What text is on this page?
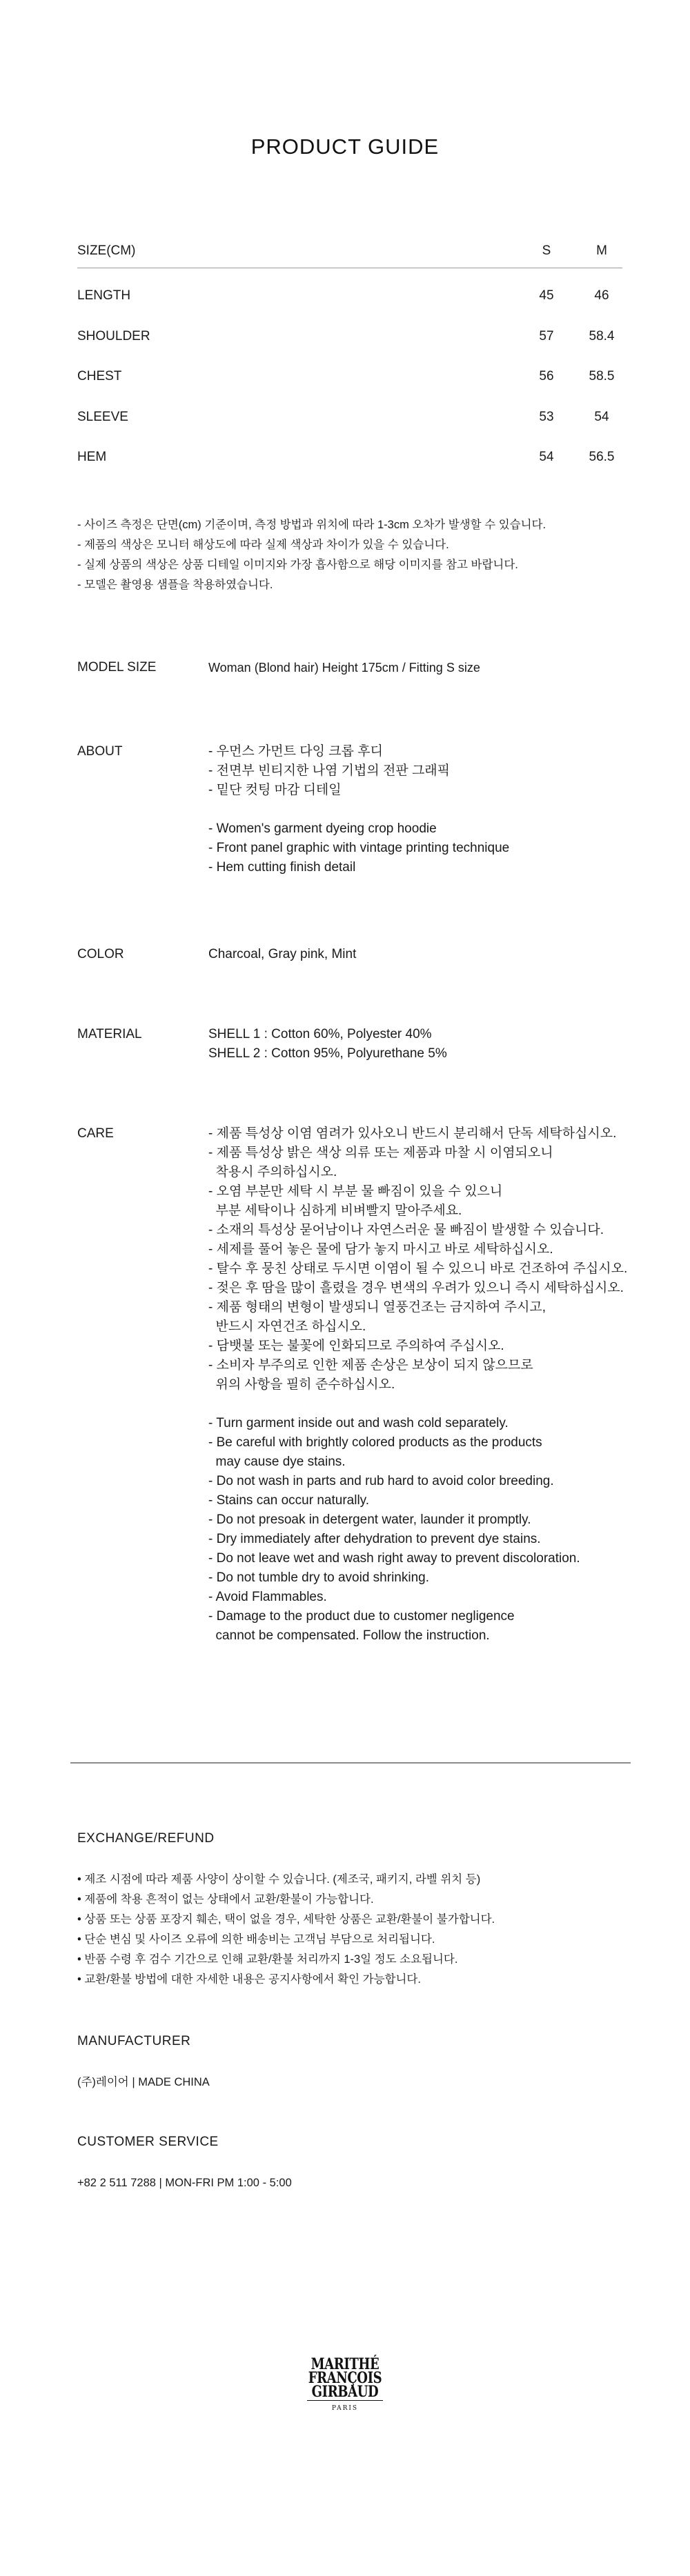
PRODUCT GUIDE
SIZE(CM)	S	M
LENGTH	45	46
SHOULDER	57	58.4
CHEST	56	58.5
SLEEVE	53	54
HEM	54	56.5
- 사이즈 측정은 단면(cm) 기준이며, 측정 방법과 위치에 따라 1-3cm 오차가 발생할 수 있습니다.
- 제품의 색상은 모니터 해상도에 따라 실제 색상과 차이가 있을 수 있습니다.
- 실제 상품의 색상은 상품 디테일 이미지와 가장 흡사함으로 해당 이미지를 참고 바랍니다.
- 모델은 촬영용 샘플을 착용하였습니다.
MODEL SIZE	Woman (Blond hair) Height 175cm / Fitting S size
ABOUT	- 우먼스 가먼트 다잉 크롭 후디
- 전면부 빈티지한 나염 기법의 전판 그래픽
- 밑단 컷팅 마감 디테일
- Women's garment dyeing crop hoodie
- Front panel graphic with vintage printing technique
- Hem cutting finish detail
COLOR	Charcoal, Gray pink, Mint
MATERIAL	SHELL 1 : Cotton 60%, Polyester 40%
SHELL 2 : Cotton 95%, Polyurethane 5%
CARE	- 제품 특성상 이염 염려가 있사오니 반드시 분리해서 단독 세탁하십시오.
- 제품 특성상 밝은 색상 의류 또는 제품과 마찰 시 이염되오니
착용시 주의하십시오.
- 오염 부분만 세탁 시 부분 물 빠짐이 있을 수 있으니
부분 세탁이나 심하게 비벼빨지 말아주세요.
- 소재의 특성상 묻어남이나 자연스러운 물 빠짐이 발생할 수 있습니다.
- 세제를 풀어 놓은 물에 담가 놓지 마시고 바로 세탁하십시오.
- 탈수 후 뭉친 상태로 두시면 이염이 될 수 있으니 바로 건조하여 주십시오.
- 젖은 후 땀을 많이 흘렸을 경우 변색의 우려가 있으니 즉시 세탁하십시오.
- 제품 형태의 변형이 발생되니 열풍건조는 금지하여 주시고,
반드시 자연건조 하십시오.
- 담뱃불 또는 불꽃에 인화되므로 주의하여 주십시오.
- 소비자 부주의로 인한 제품 손상은 보상이 되지 않으므로
위의 사항을 필히 준수하십시오.
- Turn garment inside out and wash cold separately.
- Be careful with brightly colored products as the products
may cause dye stains.
- Do not wash in parts and rub hard to avoid color breeding.
- Stains can occur naturally.
- Do not presoak in detergent water, launder it promptly.
- Dry immediately after dehydration to prevent dye stains.
- Do not leave wet and wash right away to prevent discoloration.
- Do not tumble dry to avoid shrinking.
- Avoid Flammables.
- Damage to the product due to customer negligence
cannot be compensated. Follow the instruction.
EXCHANGE/REFUND
• 제조 시점에 따라 제품 사양이 상이할 수 있습니다. (제조국, 패키지, 라벨 위치 등)
• 제품에 착용 흔적이 없는 상태에서 교환/환불이 가능합니다.
• 상품 또는 상품 포장지 훼손, 택이 없을 경우, 세탁한 상품은 교환/환불이 불가합니다.
• 단순 변심 및 사이즈 오류에 의한 배송비는 고객님 부담으로 처리됩니다.
• 반품 수령 후 검수 기간으로 인해 교환/환불 처리까지 1-3일 정도 소요됩니다.
• 교환/환불 방법에 대한 자세한 내용은 공지사항에서 확인 가능합니다.
MANUFACTURER
(주)레이어 | MADE CHINA
CUSTOMER SERVICE
+82 2 511 7288 | MON-FRI PM 1:00 - 5:00
MARITHÉ
FRANÇOIS
GIRBAUD
PARIS
